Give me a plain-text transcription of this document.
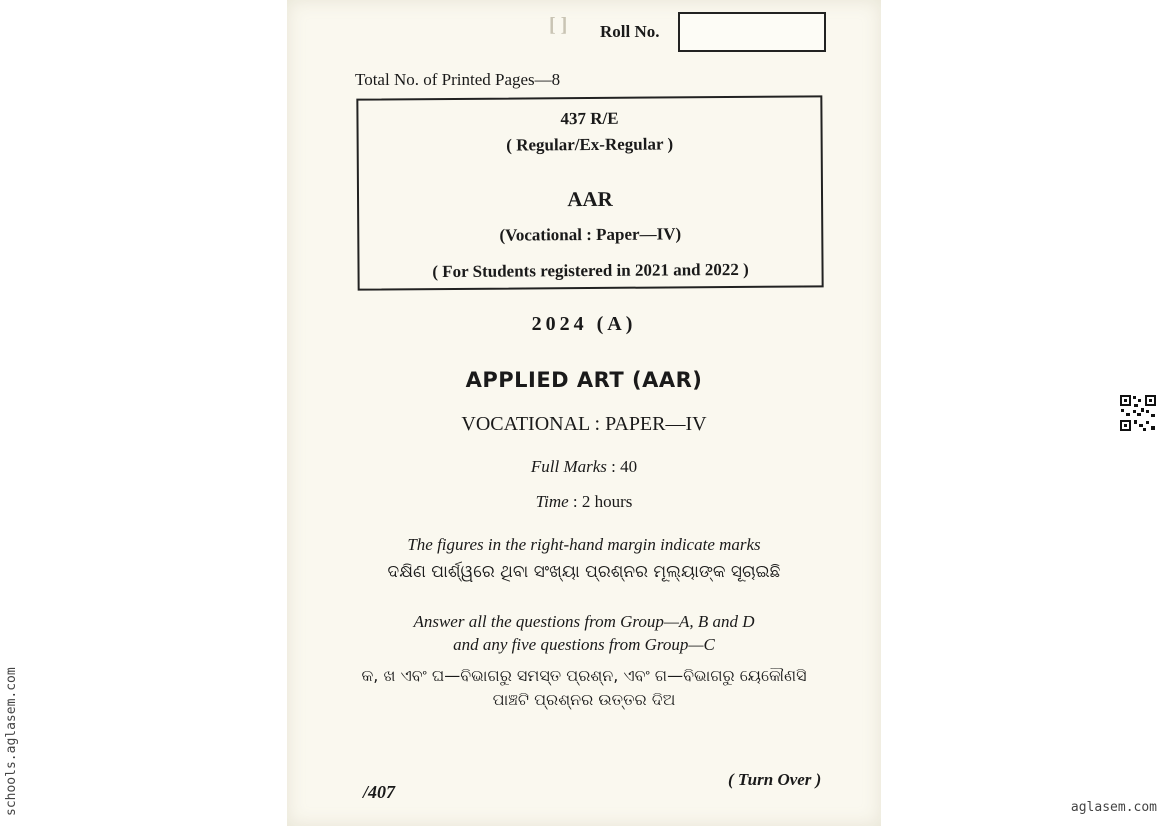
[ ] Roll No.
Total No. of Printed Pages—8
437 R/E
( Regular/Ex-Regular )
AAR
(Vocational : Paper—IV)
( For Students registered in 2021 and 2022 )
2024 (A)
APPLIED ART (AAR)
VOCATIONAL : PAPER—IV
Full Marks : 40
Time : 2 hours
The figures in the right-hand margin indicate marks
ଦକ୍ଷିଣ ପାର୍ଶ୍ୱରେ ଥିବା ସଂଖ୍ୟା ପ୍ରଶ୍ନର ମୂଲ୍ୟାଙ୍କ ସୂଚାଇଛି
Answer all the questions from Group—A, B and D
and any five questions from Group—C
କ, ଖ ଏବଂ ଘ—ବିଭାଗରୁ ସମସ୍ତ ପ୍ରଶ୍ନ, ଏବଂ ଗ—ବିଭାଗରୁ ୟେକୌଣସି
ପାଞ୍ଚଟି ପ୍ରଶ୍ନର ଉତ୍ତର ଦିଅ
/407
( Turn Over )
schools.aglasem.com	aglasem.com
